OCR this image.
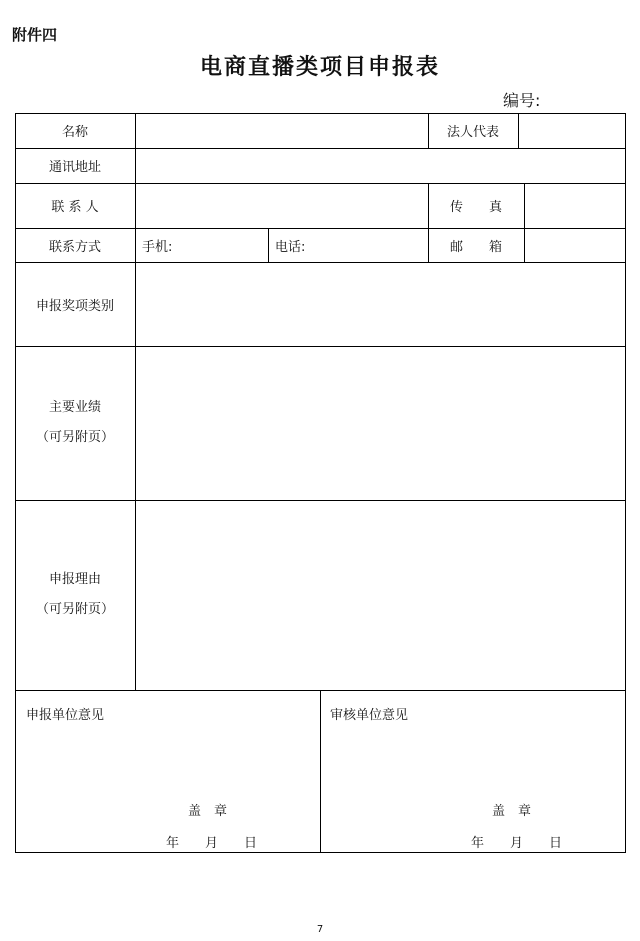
附件四
电商直播类项目申报表
编号:
名称	法人代表
通讯地址
联 系 人	传　　真
联系方式	手机:	电话:	邮　　箱
申报奖项类别
主要业绩
（可另附页）
申报理由
（可另附页）
申报单位意见
盖　章
年　　月　　日
审核单位意见
盖　章
年　　月　　日
7
